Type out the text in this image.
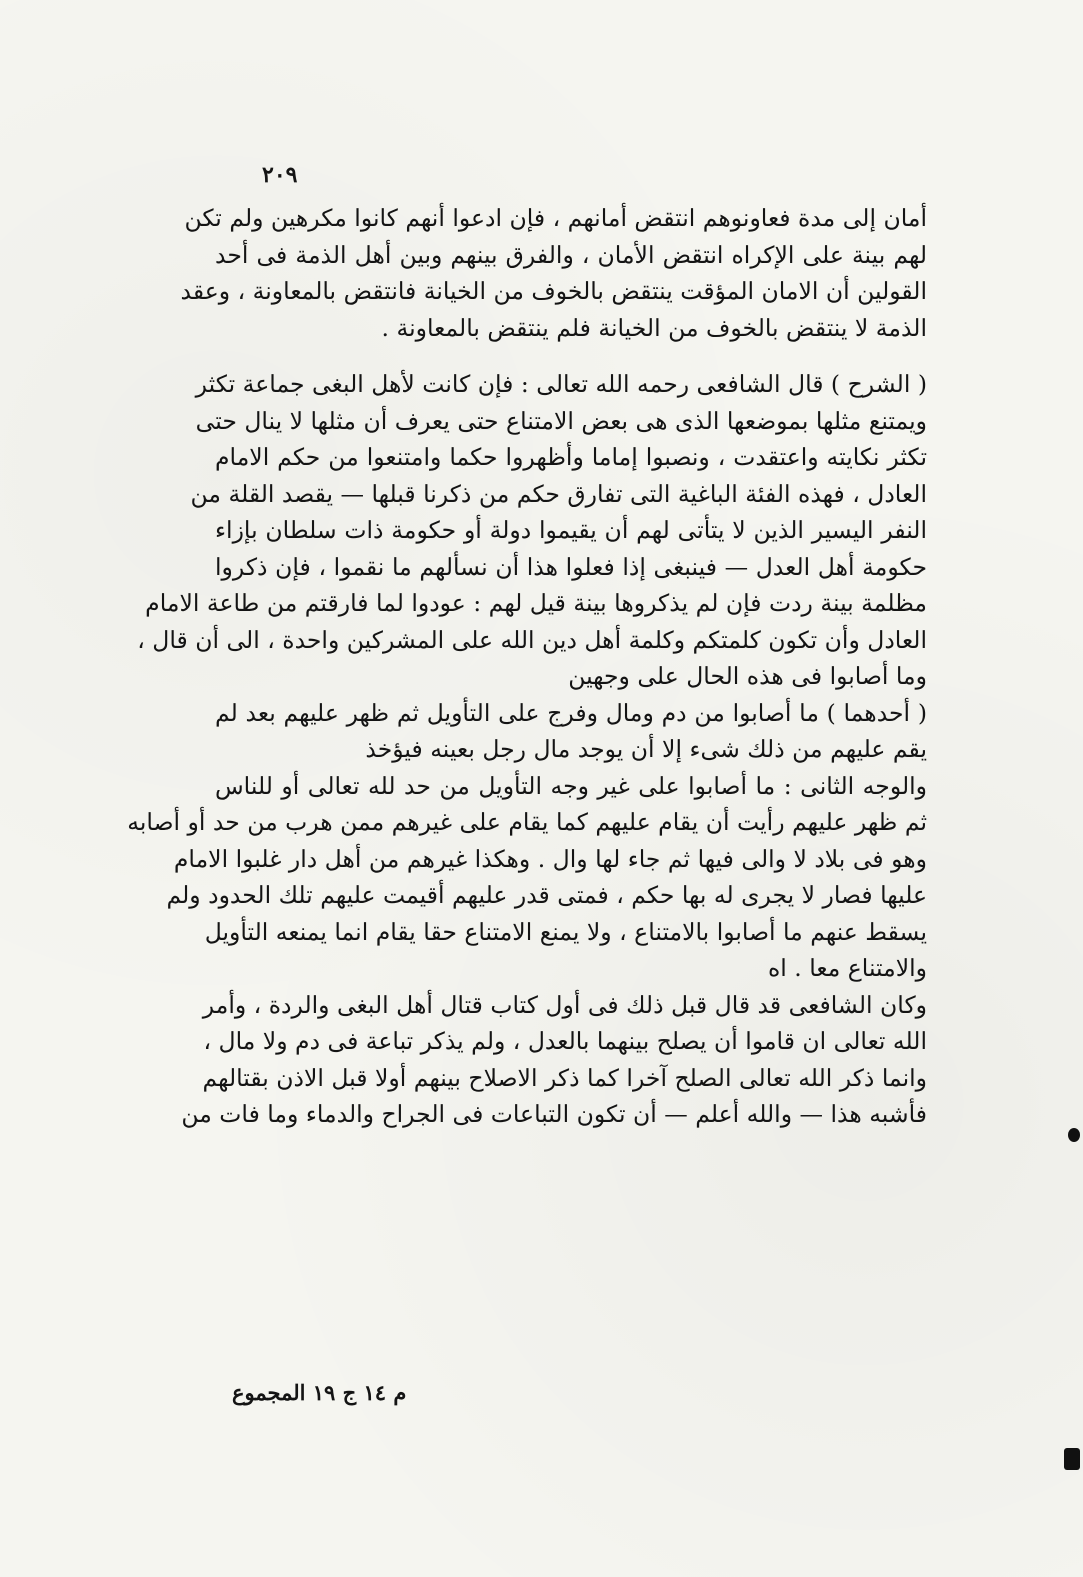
٢٠٩
أمان إلى مدة فعاونوهم انتقض أمانهم ، فإن ادعوا أنهم كانوا مكرهين ولم تكن
لهم بينة على الإكراه انتقض الأمان ، والفرق بينهم وبين أهل الذمة فى أحد
القولين أن الامان المؤقت ينتقض بالخوف من الخيانة فانتقض بالمعاونة ، وعقد
الذمة لا ينتقض بالخوف من الخيانة فلم ينتقض بالمعاونة .
( الشرح ) قال الشافعى رحمه الله تعالى : فإن كانت لأهل البغى جماعة تكثر
ويمتنع مثلها بموضعها الذى هى بعض الامتناع حتى يعرف أن مثلها لا ينال حتى
تكثر نكايته واعتقدت ، ونصبوا إماما وأظهروا حكما وامتنعوا من حكم الامام
العادل ، فهذه الفئة الباغية التى تفارق حكم من ذكرنا قبلها — يقصد القلة من
النفر اليسير الذين لا يتأتى لهم أن يقيموا دولة أو حكومة ذات سلطان بإزاء
حكومة أهل العدل — فينبغى إذا فعلوا هذا أن نسألهم ما نقموا ، فإن ذكروا
مظلمة بينة ردت فإن لم يذكروها بينة قيل لهم : عودوا لما فارقتم من طاعة الامام
العادل وأن تكون كلمتكم وكلمة أهل دين الله على المشركين واحدة ، الى أن قال ،
وما أصابوا فى هذه الحال على وجهين
( أحدهما ) ما أصابوا من دم ومال وفرج على التأويل ثم ظهر عليهم بعد لم
يقم عليهم من ذلك شىء إلا أن يوجد مال رجل بعينه فيؤخذ
والوجه الثانى : ما أصابوا على غير وجه التأويل من حد لله تعالى أو للناس
ثم ظهر عليهم رأيت أن يقام عليهم كما يقام على غيرهم ممن هرب من حد أو أصابه
وهو فى بلاد لا والى فيها ثم جاء لها وال . وهكذا غيرهم من أهل دار غلبوا الامام
عليها فصار لا يجرى له بها حكم ، فمتى قدر عليهم أقيمت عليهم تلك الحدود ولم
يسقط عنهم ما أصابوا بالامتناع ، ولا يمنع الامتناع حقا يقام انما يمنعه التأويل
والامتناع معا . اه
وكان الشافعى قد قال قبل ذلك فى أول كتاب قتال أهل البغى والردة ، وأمر
الله تعالى ان قاموا أن يصلح بينهما بالعدل ، ولم يذكر تباعة فى دم ولا مال ،
وانما ذكر الله تعالى الصلح آخرا كما ذكر الاصلاح بينهم أولا قبل الاذن بقتالهم
فأشبه هذا — والله أعلم — أن تكون التباعات فى الجراح والدماء وما فات من
م ١٤ ج ١٩ المجموع
